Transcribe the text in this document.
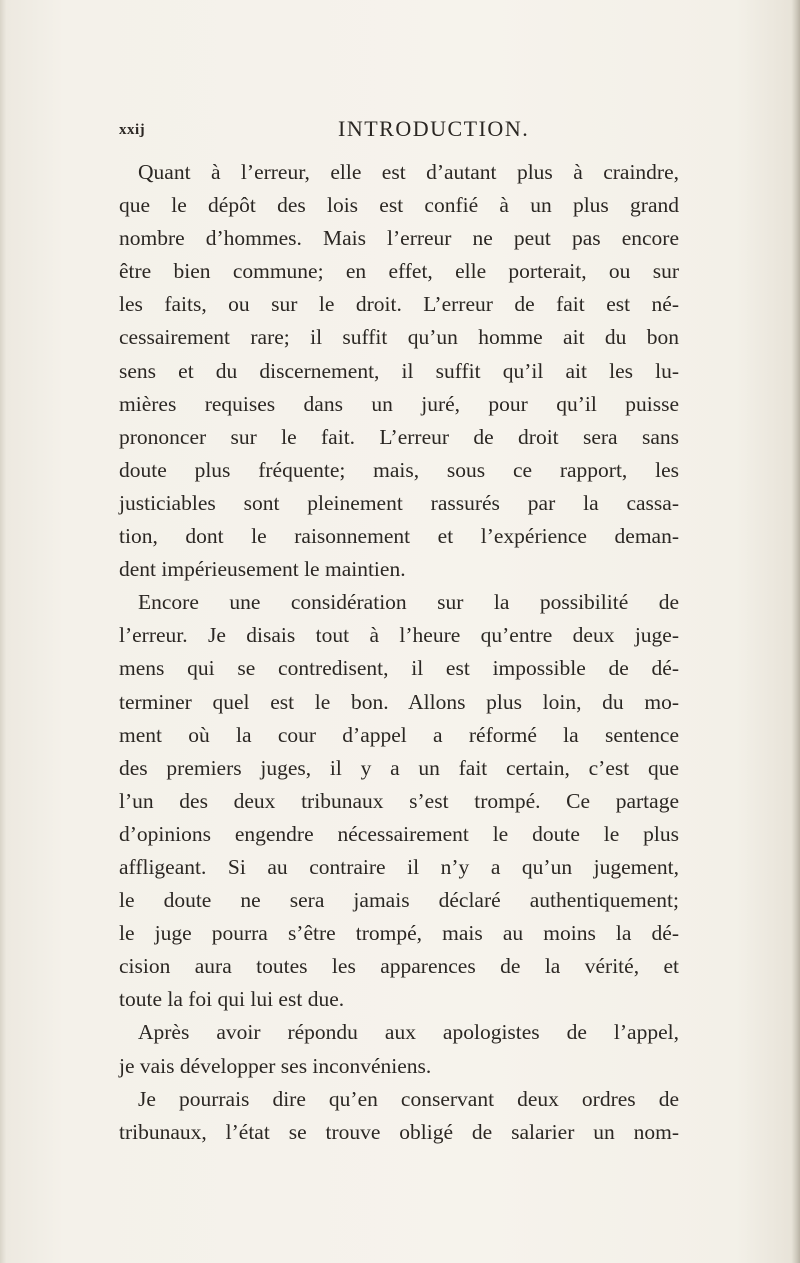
xxij	INTRODUCTION.
Quant à l’erreur, elle est d’autant plus à craindre,
que le dépôt des lois est confié à un plus grand
nombre d’hommes. Mais l’erreur ne peut pas encore
être bien commune; en effet, elle porterait, ou sur
les faits, ou sur le droit. L’erreur de fait est né-
cessairement rare; il suffit qu’un homme ait du bon
sens et du discernement, il suffit qu’il ait les lu-
mières requises dans un juré, pour qu’il puisse
prononcer sur le fait. L’erreur de droit sera sans
doute plus fréquente; mais, sous ce rapport, les
justiciables sont pleinement rassurés par la cassa-
tion, dont le raisonnement et l’expérience deman-
dent impérieusement le maintien.
Encore une considération sur la possibilité de
l’erreur. Je disais tout à l’heure qu’entre deux juge-
mens qui se contredisent, il est impossible de dé-
terminer quel est le bon. Allons plus loin, du mo-
ment où la cour d’appel a réformé la sentence
des premiers juges, il y a un fait certain, c’est que
l’un des deux tribunaux s’est trompé. Ce partage
d’opinions engendre nécessairement le doute le plus
affligeant. Si au contraire il n’y a qu’un jugement,
le doute ne sera jamais déclaré authentiquement;
le juge pourra s’être trompé, mais au moins la dé-
cision aura toutes les apparences de la vérité, et
toute la foi qui lui est due.
Après avoir répondu aux apologistes de l’appel,
je vais développer ses inconvéniens.
Je pourrais dire qu’en conservant deux ordres de
tribunaux, l’état se trouve obligé de salarier un nom-
